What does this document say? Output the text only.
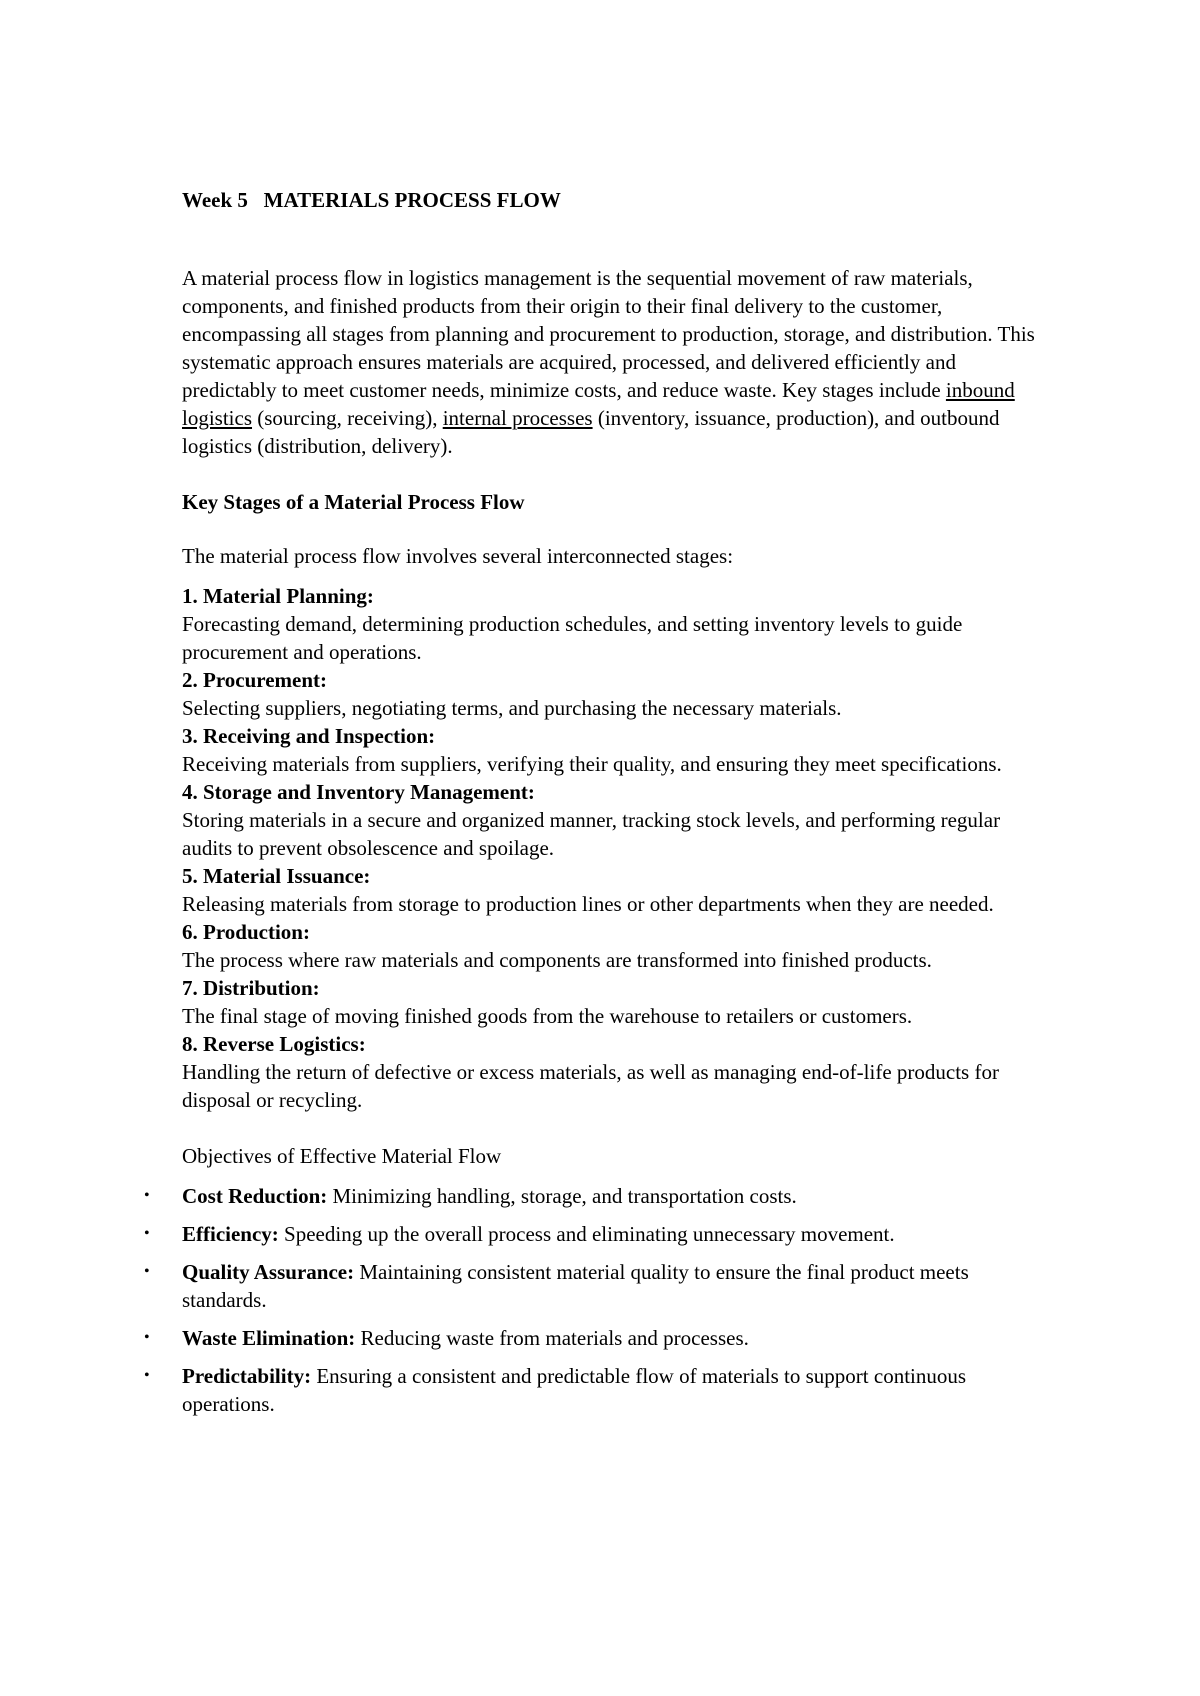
Week 5   MATERIALS PROCESS FLOW

A material process flow in logistics management is the sequential movement of raw materials, components, and finished products from their origin to their final delivery to the customer, encompassing all stages from planning and procurement to production, storage, and distribution. This systematic approach ensures materials are acquired, processed, and delivered efficiently and predictably to meet customer needs, minimize costs, and reduce waste. Key stages include inbound logistics (sourcing, receiving), internal processes (inventory, issuance, production), and outbound logistics (distribution, delivery).

Key Stages of a Material Process Flow
The material process flow involves several interconnected stages:
1. Material Planning:
Forecasting demand, determining production schedules, and setting inventory levels to guide procurement and operations.
2. Procurement:
Selecting suppliers, negotiating terms, and purchasing the necessary materials.
3. Receiving and Inspection:
Receiving materials from suppliers, verifying their quality, and ensuring they meet specifications.
4. Storage and Inventory Management:
Storing materials in a secure and organized manner, tracking stock levels, and performing regular audits to prevent obsolescence and spoilage.
5. Material Issuance:
Releasing materials from storage to production lines or other departments when they are needed.
6. Production:
The process where raw materials and components are transformed into finished products.
7. Distribution:
The final stage of moving finished goods from the warehouse to retailers or customers.
8. Reverse Logistics:
Handling the return of defective or excess materials, as well as managing end-of-life products for disposal or recycling.
Objectives of Effective Material Flow
• Cost Reduction: Minimizing handling, storage, and transportation costs.
• Efficiency: Speeding up the overall process and eliminating unnecessary movement.
• Quality Assurance: Maintaining consistent material quality to ensure the final product meets standards.
• Waste Elimination: Reducing waste from materials and processes.
• Predictability: Ensuring a consistent and predictable flow of materials to support continuous operations.
